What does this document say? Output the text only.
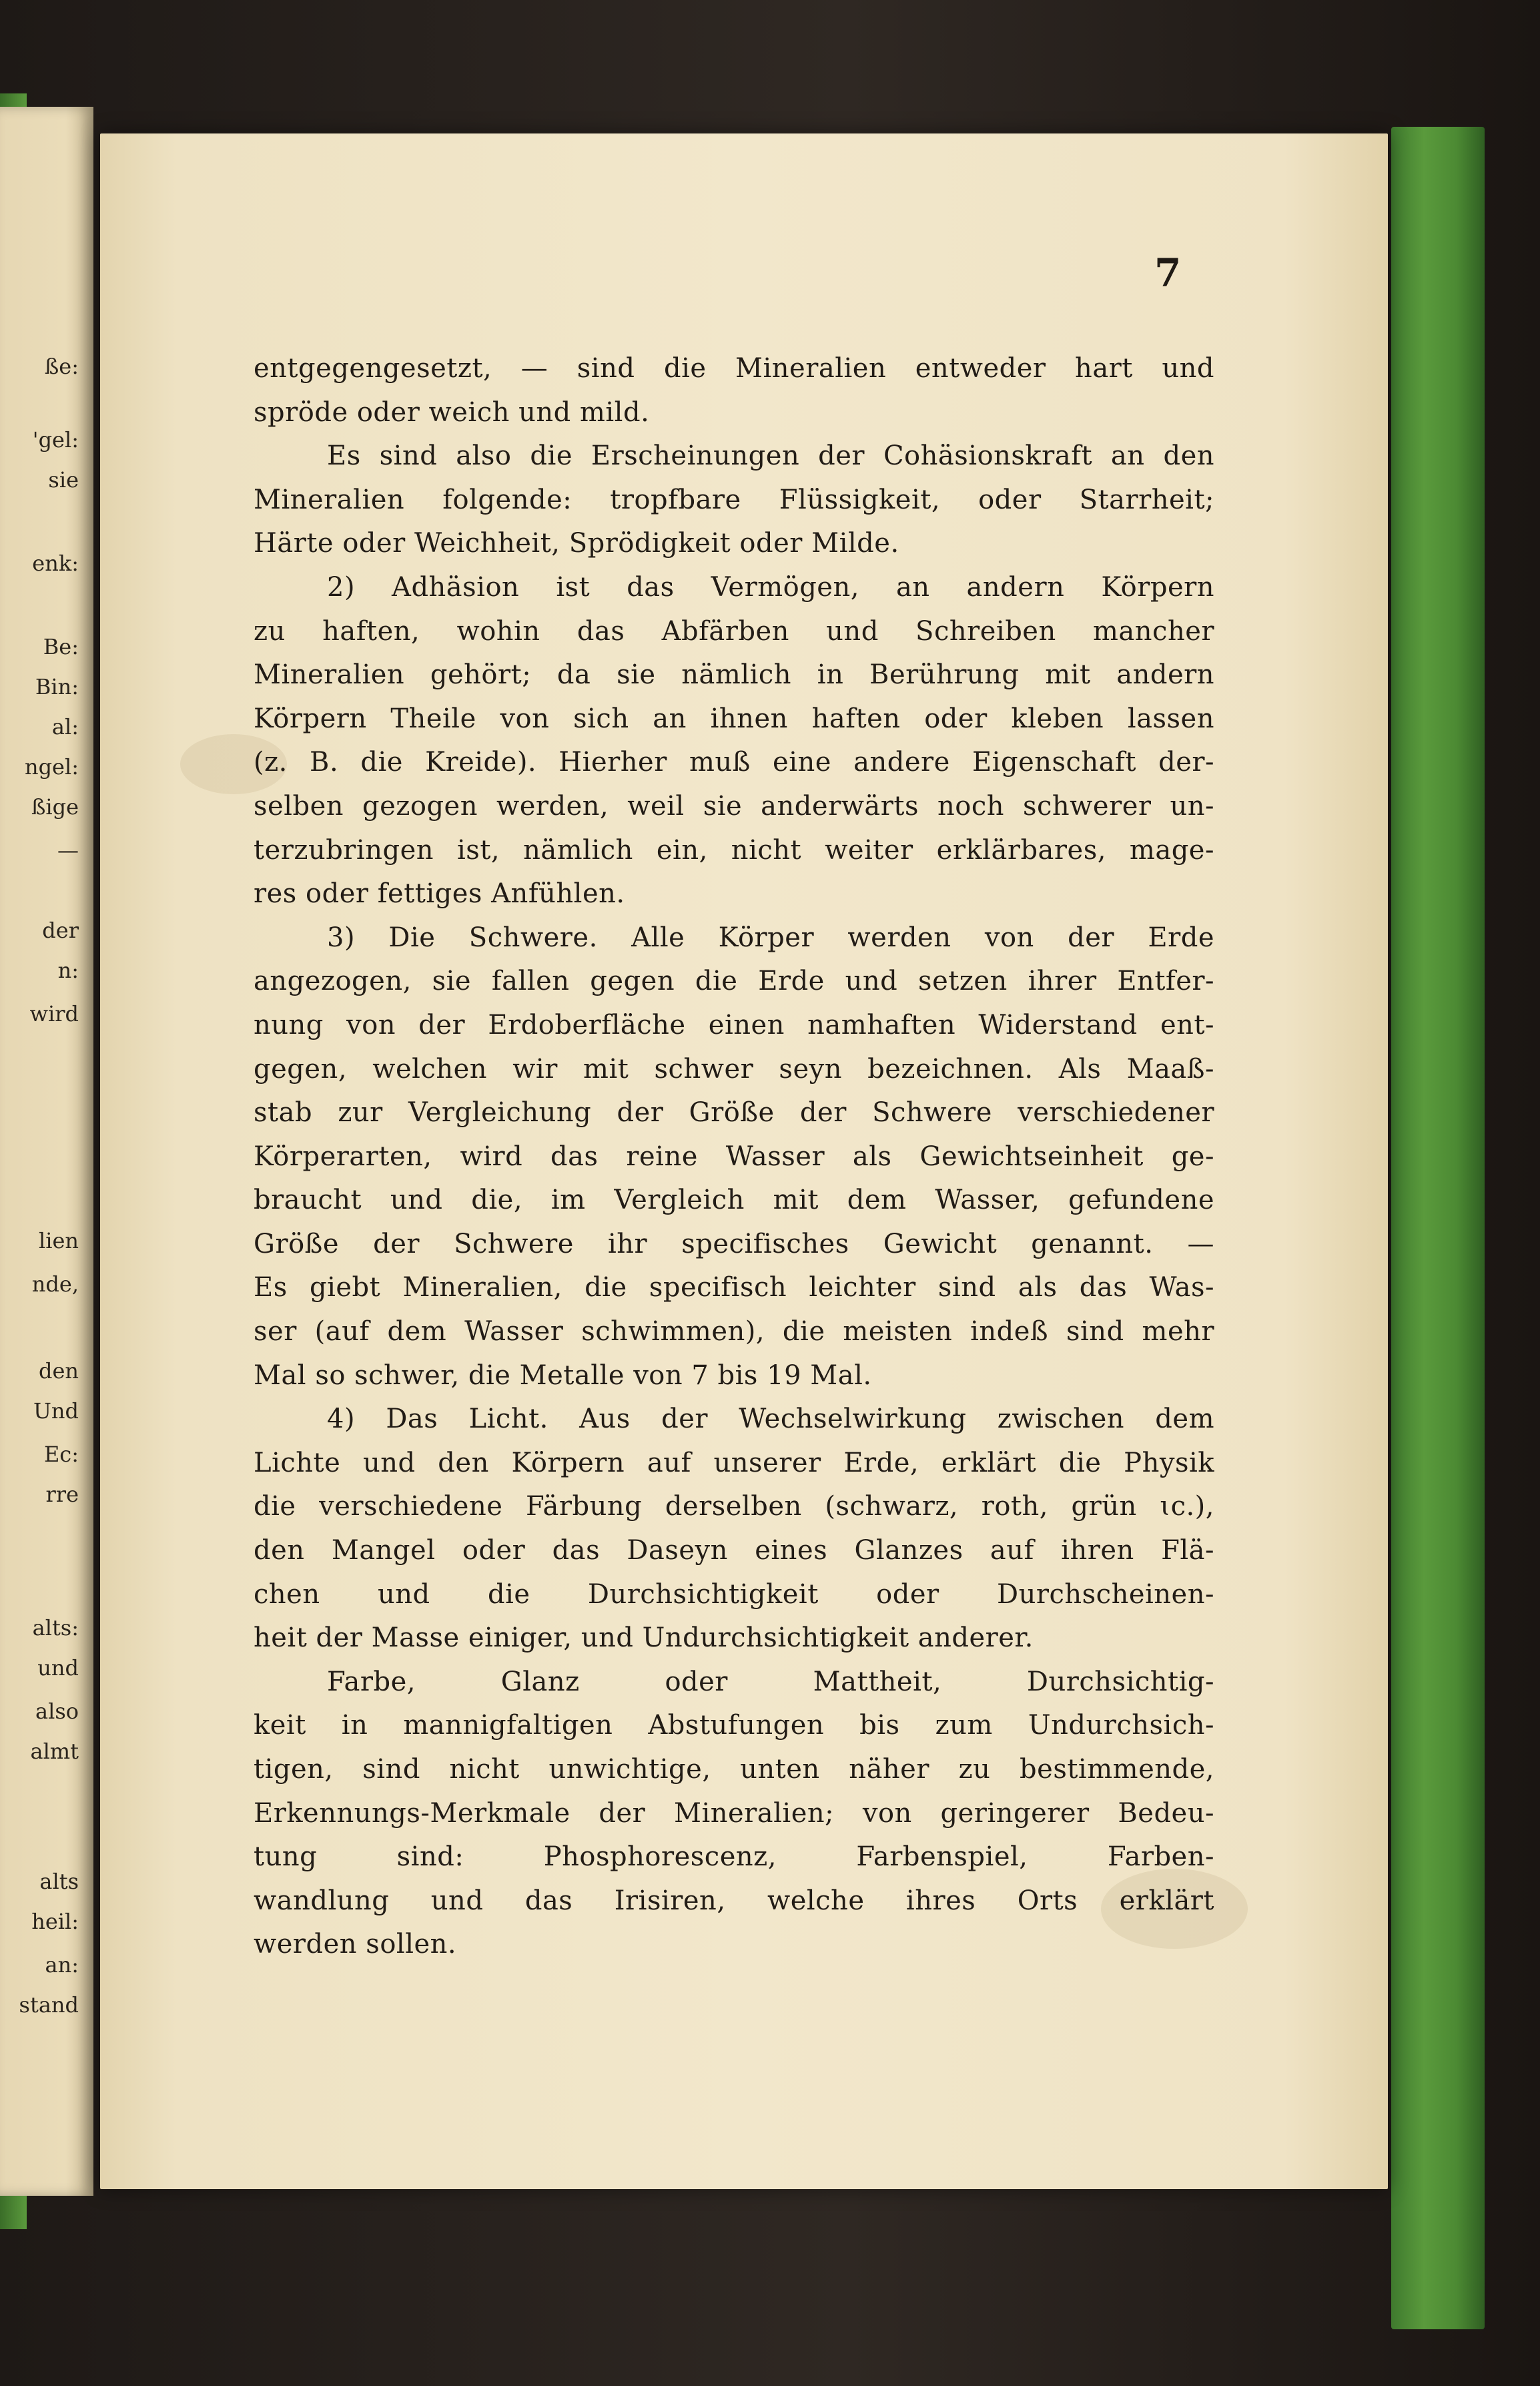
ße:
'gel:
sie
enk:
Be:
Bin:
al:
ngel:
ßige
—
der
n:
wird
lien
nde,
den
Und
Ec:
rre
alts:
und
also
almt
alts
heil:
an:
stand
7
entgegengesetzt, — sind die Mineralien entweder hart und
spröde oder weich und mild.
Es sind also die Erscheinungen der Cohäsionskraft an den
Mineralien folgende: tropfbare Flüssigkeit, oder Starrheit;
Härte oder Weichheit, Sprödigkeit oder Milde.
2) Adhäsion ist das Vermögen, an andern Körpern
zu haften, wohin das Abfärben und Schreiben mancher
Mineralien gehört; da sie nämlich in Berührung mit andern
Körpern Theile von sich an ihnen haften oder kleben lassen
(z. B. die Kreide). Hierher muß eine andere Eigenschaft der-
selben gezogen werden, weil sie anderwärts noch schwerer un-
terzubringen ist, nämlich ein, nicht weiter erklärbares, mage-
res oder fettiges Anfühlen.
3) Die Schwere. Alle Körper werden von der Erde
angezogen, sie fallen gegen die Erde und setzen ihrer Entfer-
nung von der Erdoberfläche einen namhaften Widerstand ent-
gegen, welchen wir mit schwer seyn bezeichnen. Als Maaß-
stab zur Vergleichung der Größe der Schwere verschiedener
Körperarten, wird das reine Wasser als Gewichtseinheit ge-
braucht und die, im Vergleich mit dem Wasser, gefundene
Größe der Schwere ihr specifisches Gewicht genannt. —
Es giebt Mineralien, die specifisch leichter sind als das Was-
ser (auf dem Wasser schwimmen), die meisten indeß sind mehr
Mal so schwer, die Metalle von 7 bis 19 Mal.
4) Das Licht. Aus der Wechselwirkung zwischen dem
Lichte und den Körpern auf unserer Erde, erklärt die Physik
die verschiedene Färbung derselben (schwarz, roth, grün ɩc.),
den Mangel oder das Daseyn eines Glanzes auf ihren Flä-
chen und die Durchsichtigkeit oder Durchscheinen-
heit der Masse einiger, und Undurchsichtigkeit anderer.
Farbe, Glanz oder Mattheit, Durchsichtig-
keit in mannigfaltigen Abstufungen bis zum Undurchsich-
tigen, sind nicht unwichtige, unten näher zu bestimmende,
Erkennungs-Merkmale der Mineralien; von geringerer Bedeu-
tung sind: Phosphorescenz, Farbenspiel, Farben-
wandlung und das Irisiren, welche ihres Orts erklärt
werden sollen.
